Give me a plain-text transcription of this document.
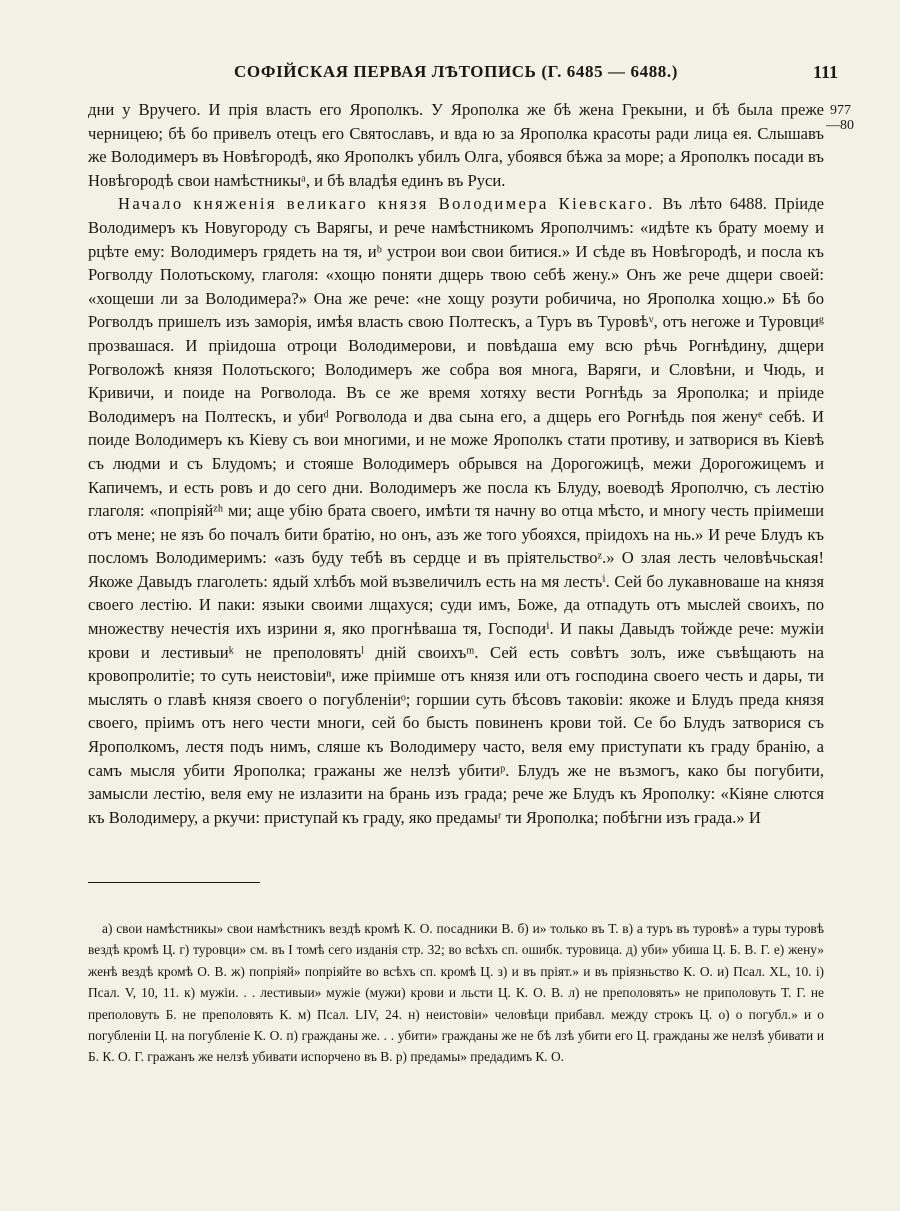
СОФІЙСКАЯ ПЕРВАЯ ЛѢТОПИСЬ (Г. 6485 — 6488.)	111
977
—80

дни у Вручего. И прія власть его Ярополкъ. У Ярополка же бѣ жена Грекыни, и бѣ была преже черницею; бѣ бо привелъ отецъ его Святославъ, и вда ю за Ярополка красоты ради лица ея. Слышавъ же Володимеръ въ Новѣгородѣ, яко Ярополкъ убилъ Олга, убоявся бѣжа за море; а Ярополкъ посади въ Новѣгородѣ свои намѣстникыᵃ, и бѣ владѣя единъ въ Руси.

Начало княженія великаго князя Володимера Кіевскаго. Въ лѣто 6488. Пріиде Володимеръ къ Новугороду съ Варягы, и рече намѣстникомъ Ярополчимъ: «идѣте къ брату моему и рцѣте ему: Володимеръ грядеть на тя, иᵇ устрои вои свои битися.» И сѣде въ Новѣгородѣ, и посла къ Рогволду Полотьскому, глаголя: «хощю поняти дщерь твою себѣ жену.» Онъ же рече дщери своей: «хощеши ли за Володимера?» Она же рече: «не хощу розути робичича, но Ярополка хощю.» Бѣ бо Рогволдъ пришелъ изъ заморія, имѣя власть свою Полтескъ, а Туръ въ Туровѣᵛ, отъ негоже и Туровциᵍ прозвашася. И пріидоша отроци Володимерови, и повѣдаша ему всю рѣчь Рогнѣдину, дщери Рогволожѣ князя Полотьского; Володимеръ же собра воя многа, Варяги, и Словѣни, и Чюдь, и Кривичи, и поиде на Рогволода. Въ се же время хотяху вести Рогнѣдь за Ярополка; и пріиде Володимеръ на Полтескъ, и убиᵈ Рогволода и два сына его, а дщерь его Рогнѣдь поя женуᵉ себѣ. И поиде Володимеръ къ Кіеву съ вои многими, и не може Ярополкъ стати противу, и затворися въ Кіевѣ съ людми и съ Блудомъ; и стояше Володимеръ обрывся на Дорогожицѣ, межи Дорогожицемъ и Капичемъ, и есть ровъ и до сего дни. Володимеръ же посла къ Блуду, воеводѣ Ярополчю, съ лестію глаголя: «попріяйᶻʰ ми; аще убію брата своего, имѣти тя начну во отца мѣсто, и многу честь пріимеши отъ мене; не язъ бо почалъ бити братію, но онъ, азъ же того убояхся, пріидохъ на нь.» И рече Блудъ къ посломъ Володимеримъ: «азъ буду тебѣ въ сердце и въ пріятельствоᶻ.» О злая лесть человѣчьская! Якоже Давыдъ глаголеть: ядый хлѣбъ мой възвеличилъ есть на мя лестьⁱ. Сей бо лукавноваше на князя своего лестію. И паки: языки своими лщахуся; суди имъ, Боже, да отпадуть отъ мыслей своихъ, по множеству нечестія ихъ изрини я, яко прогнѣваша тя, Господиⁱ. И пакы Давыдъ тойжде рече: мужіи крови и лестивыиᵏ не преполовятьˡ дній своихъᵐ. Сей есть совѣтъ золъ, иже съвѣщають на кровопролитіе; то суть неистовіиⁿ, иже пріимше отъ князя или отъ господина своего честь и дары, ти мыслять о главѣ князя своего о погубленіиᵒ; горшии суть бѣсовъ таковіи: якоже и Блудъ преда князя своего, пріимъ отъ него чести многи, сей бо бысть повиненъ крови той. Се бо Блудъ затворися съ Ярополкомъ, лестя подъ нимъ, сляше къ Володимеру часто, веля ему приступати къ граду бранію, а самъ мысля убити Ярополка; гражаны же нелзѣ убитиᵖ. Блудъ же не възмогъ, како бы погубити, замысли лестію, веля ему не излазити на брань изъ града; рече же Блудъ къ Ярополку: «Кіяне слются къ Володимеру, а ркучи: приступай къ граду, яко предамыʳ ти Ярополка; побѣгни изъ града.» И

а) свои намѣстникы» свои намѣстникъ вездѣ кромѣ К. О. посадники В. б) и» только въ Т. в) а туръ въ туровѣ» а туры туровѣ вездѣ кромѣ Ц. г) туровци» см. въ I томѣ сего изданія стр. 32; во всѣхъ сп. ошибк. туровица. д) уби» убиша Ц. Б. В. Г. е) жену» женѣ вездѣ кромѣ О. В. ж) попріяй» попріяйте во всѣхъ сп. кромѣ Ц. з) и въ пріят.» и въ пріязньство К. О. и) Псал. XL, 10. і) Псал. V, 10, 11. к) мужіи. . . лестивыи» мужіе (мужи) крови и льсти Ц. К. О. В. л) не преполовять» не приполовуть Т. Г. не преполовуть Б. не преполовять К. м) Псал. LIV, 24. н) неистовіи» человѣци прибавл. между строкъ Ц. о) о погубл.» и о погубленіи Ц. на погубленіе К. О. п) гражданы же. . . убити» гражданы же не бѣ лзѣ убити его Ц. гражданы же нелзѣ убивати и Б. К. О. Г. гражанъ же нелзѣ убивати испорчено въ В. р) предамы» предадимъ К. О.
